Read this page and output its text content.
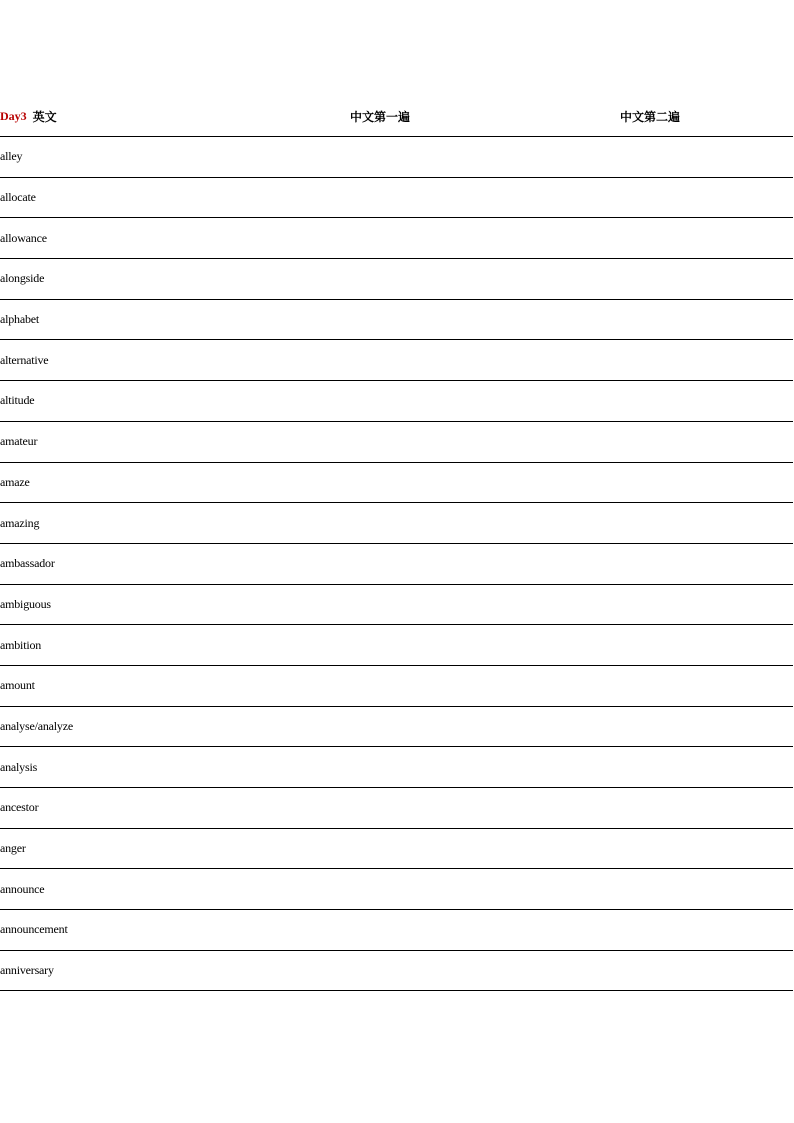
Day3 英文	中文第一遍	中文第二遍
alley
allocate
allowance
alongside
alphabet
alternative
altitude
amateur
amaze
amazing
ambassador
ambiguous
ambition
amount
analyse/analyze
analysis
ancestor
anger
announce
announcement
anniversary
